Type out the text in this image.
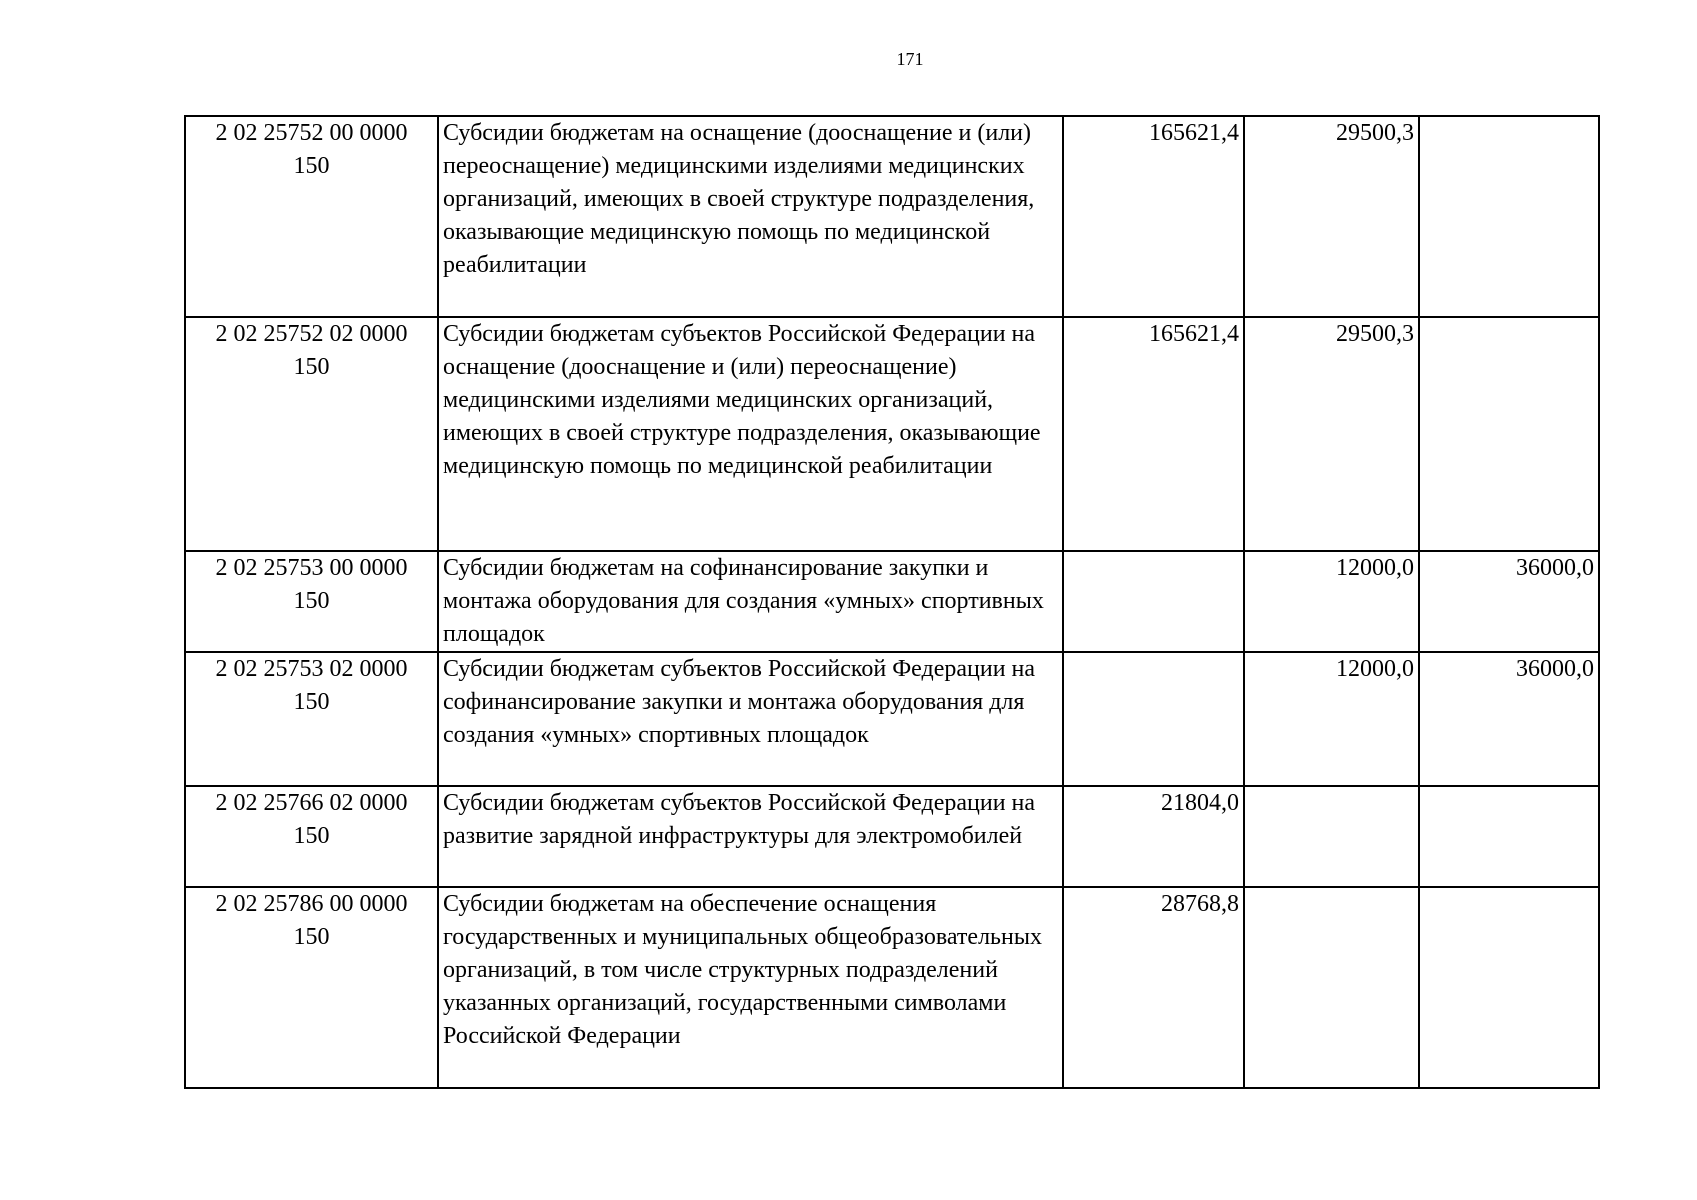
171
2 02 25752 00 0000
150	Субсидии бюджетам на оснащение (дооснащение и (или) переоснащение) медицинскими изделиями медицинских организаций, имеющих в своей структуре подразделения, оказывающие медицинскую помощь по медицинской реабилитации	165621,4	29500,3	

2 02 25752 02 0000
150	Субсидии бюджетам субъектов Российской Федерации на оснащение (дооснащение и (или) переоснащение) медицинскими изделиями медицинских организаций, имеющих в своей структуре подразделения, оказывающие медицинскую помощь по медицинской реабилитации	165621,4	29500,3	

2 02 25753 00 0000
150	Субсидии бюджетам на софинансирование закупки и монтажа оборудования для создания «умных» спортивных площадок		12000,0	36000,0

2 02 25753 02 0000
150	Субсидии бюджетам субъектов Российской Федерации на софинансирование закупки и монтажа оборудования для создания «умных» спортивных площадок		12000,0	36000,0

2 02 25766 02 0000
150	Субсидии бюджетам субъектов Российской Федерации на развитие зарядной инфраструктуры для электромобилей	21804,0		

2 02 25786 00 0000
150	Субсидии бюджетам на обеспечение оснащения государственных и муниципальных общеобразовательных организаций, в том числе структурных подразделений указанных организаций, государственными символами Российской Федерации	28768,8		
